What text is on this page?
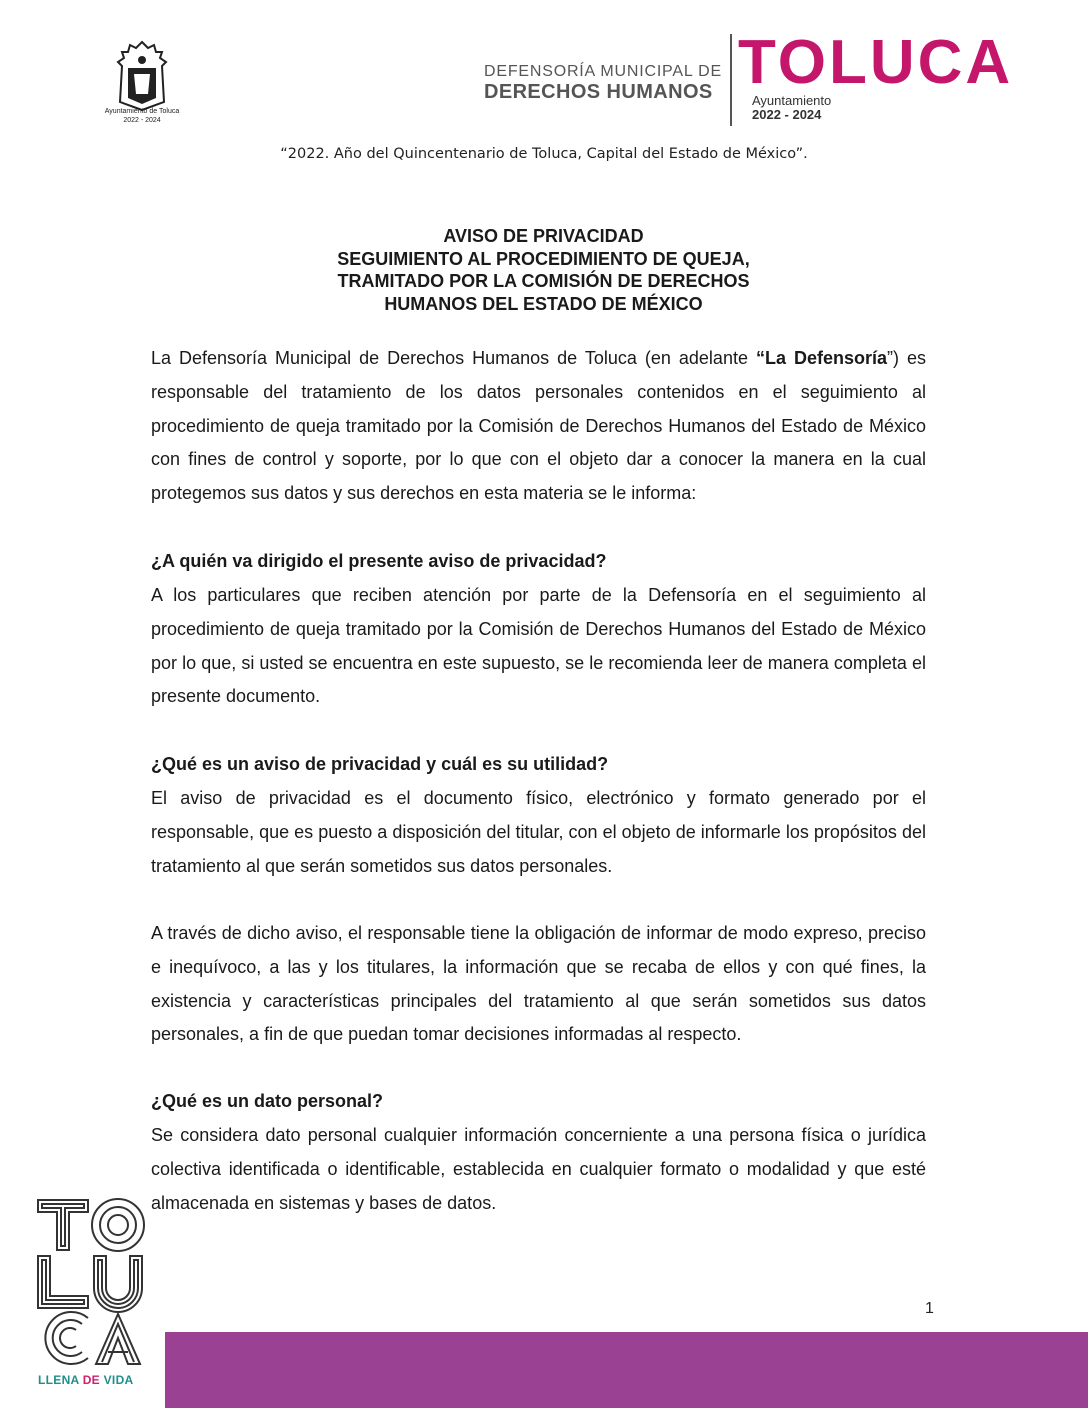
Ayuntamiento de Toluca
2022 - 2024
DEFENSORÍA MUNICIPAL DE
DERECHOS HUMANOS TOLUCA
Ayuntamiento
2022 - 2024
“2022. Año del Quincentenario de Toluca, Capital del Estado de México”.
AVISO DE PRIVACIDAD
SEGUIMIENTO AL PROCEDIMIENTO DE QUEJA,
TRAMITADO POR LA COMISIÓN DE DERECHOS
HUMANOS DEL ESTADO DE MÉXICO

La Defensoría Municipal de Derechos Humanos de Toluca (en adelante “La Defensoría”) es responsable del tratamiento de los datos personales contenidos en el seguimiento al procedimiento de queja tramitado por la Comisión de Derechos Humanos del Estado de México con fines de control y soporte, por lo que con el objeto dar a conocer la manera en la cual protegemos sus datos y sus derechos en esta materia se le informa:

¿A quién va dirigido el presente aviso de privacidad?

A los particulares que reciben atención por parte de la Defensoría en el seguimiento al procedimiento de queja tramitado por la Comisión de Derechos Humanos del Estado de México por lo que, si usted se encuentra en este supuesto, se le recomienda leer de manera completa el presente documento.

¿Qué es un aviso de privacidad y cuál es su utilidad?

El aviso de privacidad es el documento físico, electrónico y formato generado por el responsable, que es puesto a disposición del titular, con el objeto de informarle los propósitos del tratamiento al que serán sometidos sus datos personales.

A través de dicho aviso, el responsable tiene la obligación de informar de modo expreso, preciso e inequívoco, a las y los titulares, la información que se recaba de ellos y con qué fines, la existencia y características principales del tratamiento al que serán sometidos sus datos personales, a fin de que puedan tomar decisiones informadas al respecto.

¿Qué es un dato personal?

Se considera dato personal cualquier información concerniente a una persona física o jurídica colectiva identificada o identificable, establecida en cualquier formato o modalidad y que esté almacenada en sistemas y bases de datos.

1
LLENA DE VIDA
